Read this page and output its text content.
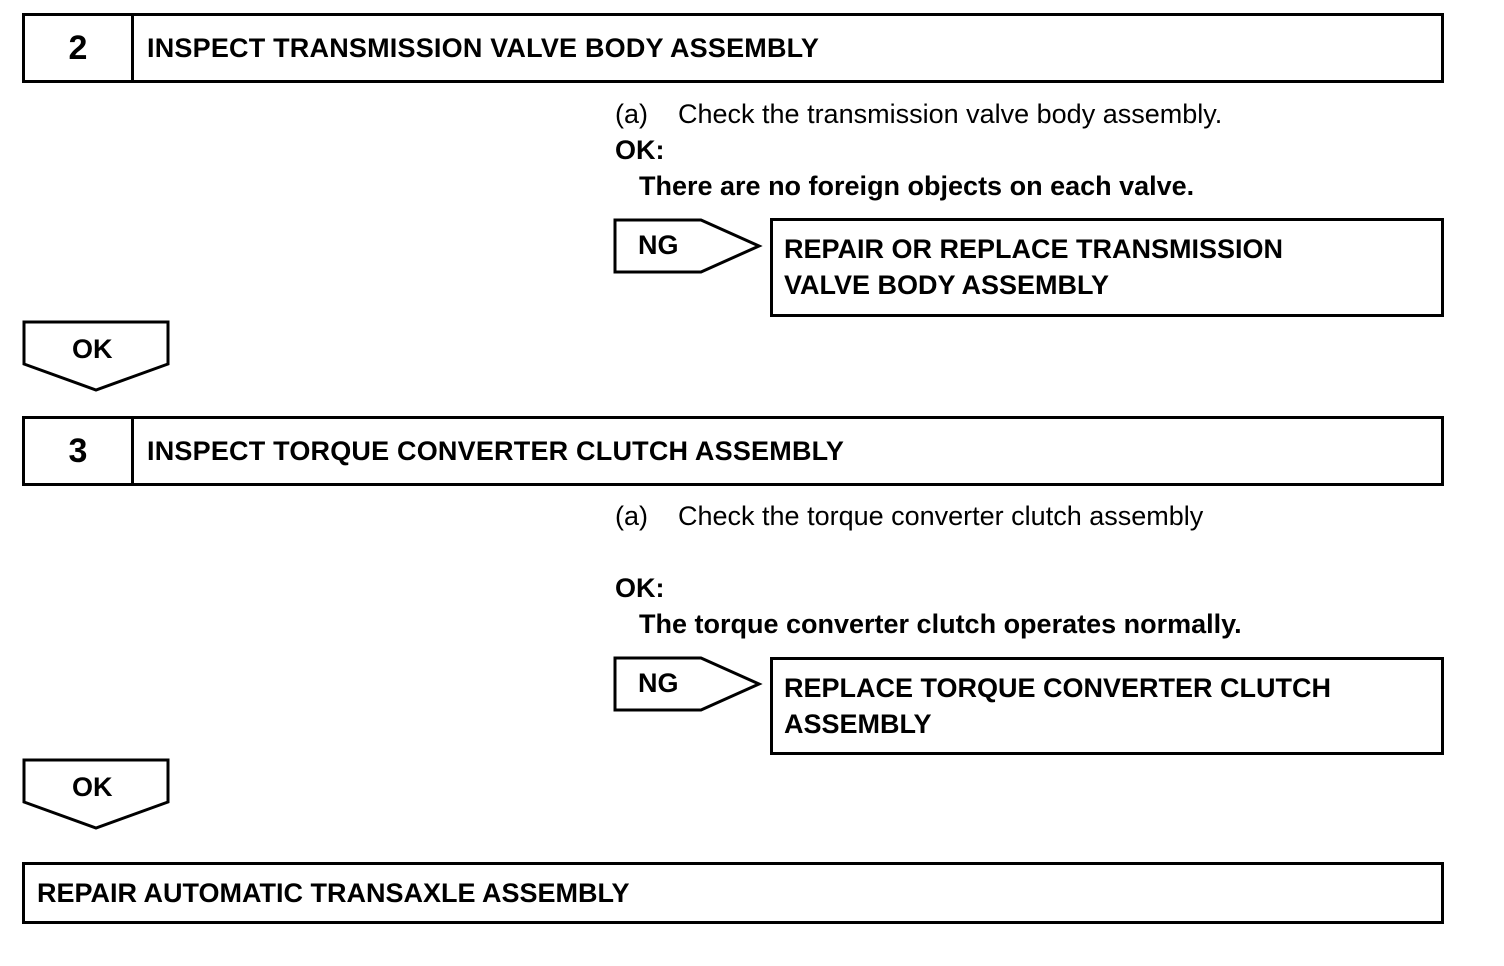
2	INSPECT TRANSMISSION VALVE BODY ASSEMBLY
(a) Check the transmission valve body assembly.
OK:
There are no foreign objects on each valve.
NG	REPAIR OR REPLACE TRANSMISSION
VALVE BODY ASSEMBLY
OK
3	INSPECT TORQUE CONVERTER CLUTCH ASSEMBLY
(a) Check the torque converter clutch assembly
OK:
The torque converter clutch operates normally.
NG	REPLACE TORQUE CONVERTER CLUTCH
ASSEMBLY
OK
REPAIR AUTOMATIC TRANSAXLE ASSEMBLY
